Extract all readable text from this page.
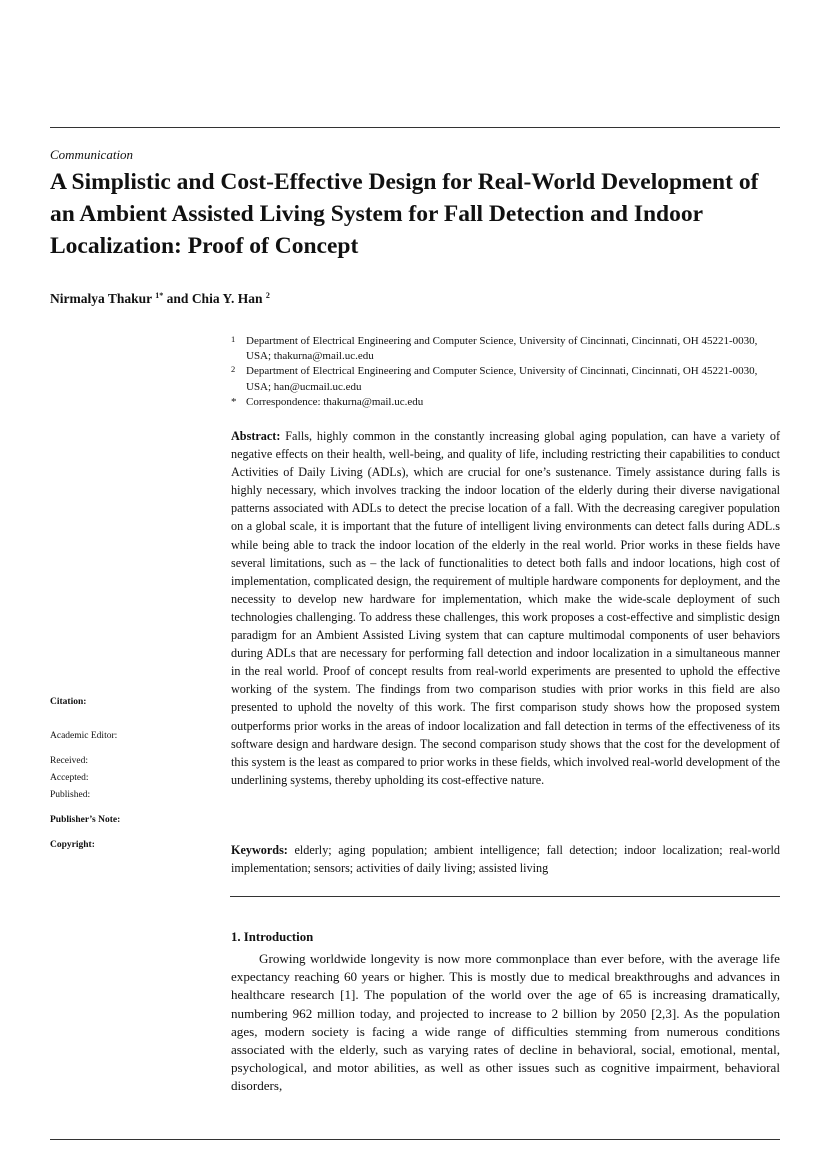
Communication
A Simplistic and Cost-Effective Design for Real-World Development of an Ambient Assisted Living System for Fall Detection and Indoor Localization: Proof of Concept
Nirmalya Thakur $^{1*}$ and Chia Y. Han $^2$
1 Department of Electrical Engineering and Computer Science, University of Cincinnati, Cincinnati, OH 45221-0030, USA; thakurna@mail.uc.edu
2 Department of Electrical Engineering and Computer Science, University of Cincinnati, Cincinnati, OH 45221-0030, USA; han@ucmail.uc.edu
* Correspondence: thakurna@mail.uc.edu

Abstract: Falls, highly common in the constantly increasing global aging population, can have a variety of negative effects on their health, well-being, and quality of life, including restricting their capabilities to conduct Activities of Daily Living (ADLs), which are crucial for one’s sustenance. Timely assistance during falls is highly necessary, which involves tracking the indoor location of the elderly during their diverse navigational patterns associated with ADLs to detect the precise location of a fall. With the decreasing caregiver population on a global scale, it is important that the future of intelligent living environments can detect falls during ADL.s while being able to track the indoor location of the elderly in the real world. Prior works in these fields have several limitations, such as – the lack of functionalities to detect both falls and indoor locations, high cost of implementation, complicated design, the requirement of multiple hardware components for deployment, and the necessity to develop new hardware for implementation, which make the wide-scale deployment of such technologies challenging. To address these challenges, this work proposes a cost-effective and simplistic design paradigm for an Ambient Assisted Living system that can capture multimodal components of user behaviors during ADLs that are necessary for performing fall detection and indoor localization in a simultaneous manner in the real world. Proof of concept results from real-world experiments are presented to uphold the effective working of the system. The findings from two comparison studies with prior works in this field are also presented to uphold the novelty of this work. The first comparison study shows how the proposed system outperforms prior works in the areas of indoor localization and fall detection in terms of the effectiveness of its software design and hardware design. The second comparison study shows that the cost for the development of this system is the least as compared to prior works in these fields, which involved real-world development of the underlining systems, thereby upholding its cost-effective nature.

Keywords: elderly; aging population; ambient intelligence; fall detection; indoor localization; real-world implementation; sensors; activities of daily living; assisted living

Citation:
Academic Editor:
Received:
Accepted:
Published:
Publisher’s Note:
Copyright:
1. Introduction

Growing worldwide longevity is now more commonplace than ever before, with the average life expectancy reaching 60 years or higher. This is mostly due to medical breakthroughs and advances in healthcare research [1]. The population of the world over the age of 65 is increasing dramatically, numbering 962 million today, and projected to increase to 2 billion by 2050 [2,3]. As the population ages, modern society is facing a wide range of difficulties stemming from numerous conditions associated with the elderly, such as varying rates of decline in behavioral, social, emotional, mental, psychological, and motor abilities, as well as other issues such as cognitive impairment, behavioral disorders,
